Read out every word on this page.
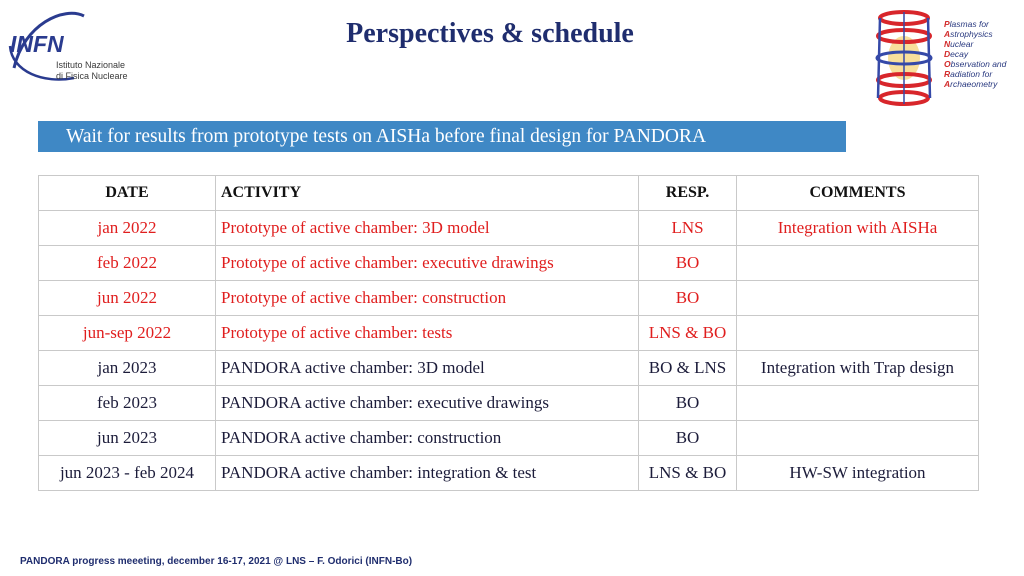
INFN
Istituto Nazionale
di Fisica Nucleare
Perspectives & schedule	Plasmas for
Astrophysics
Nuclear
Decay
Observation and
Radiation for
Archaeometry
Wait for results from prototype tests on AISHa before final design for PANDORA
DATE	ACTIVITY	RESP.	COMMENTS
jan 2022	Prototype of active chamber: 3D model	LNS	Integration with AISHa
feb 2022	Prototype of active chamber: executive drawings	BO	
jun 2022	Prototype of active chamber: construction	BO	
jun-sep 2022	Prototype of active chamber: tests	LNS & BO	
jan 2023	PANDORA active chamber: 3D model	BO & LNS	Integration with Trap design
feb 2023	PANDORA active chamber: executive drawings	BO	
jun 2023	PANDORA active chamber: construction	BO	
jun 2023 - feb 2024	PANDORA active chamber: integration & test	LNS & BO	HW-SW integration
PANDORA progress meeeting, december 16-17, 2021 @ LNS – F. Odorici (INFN-Bo)
